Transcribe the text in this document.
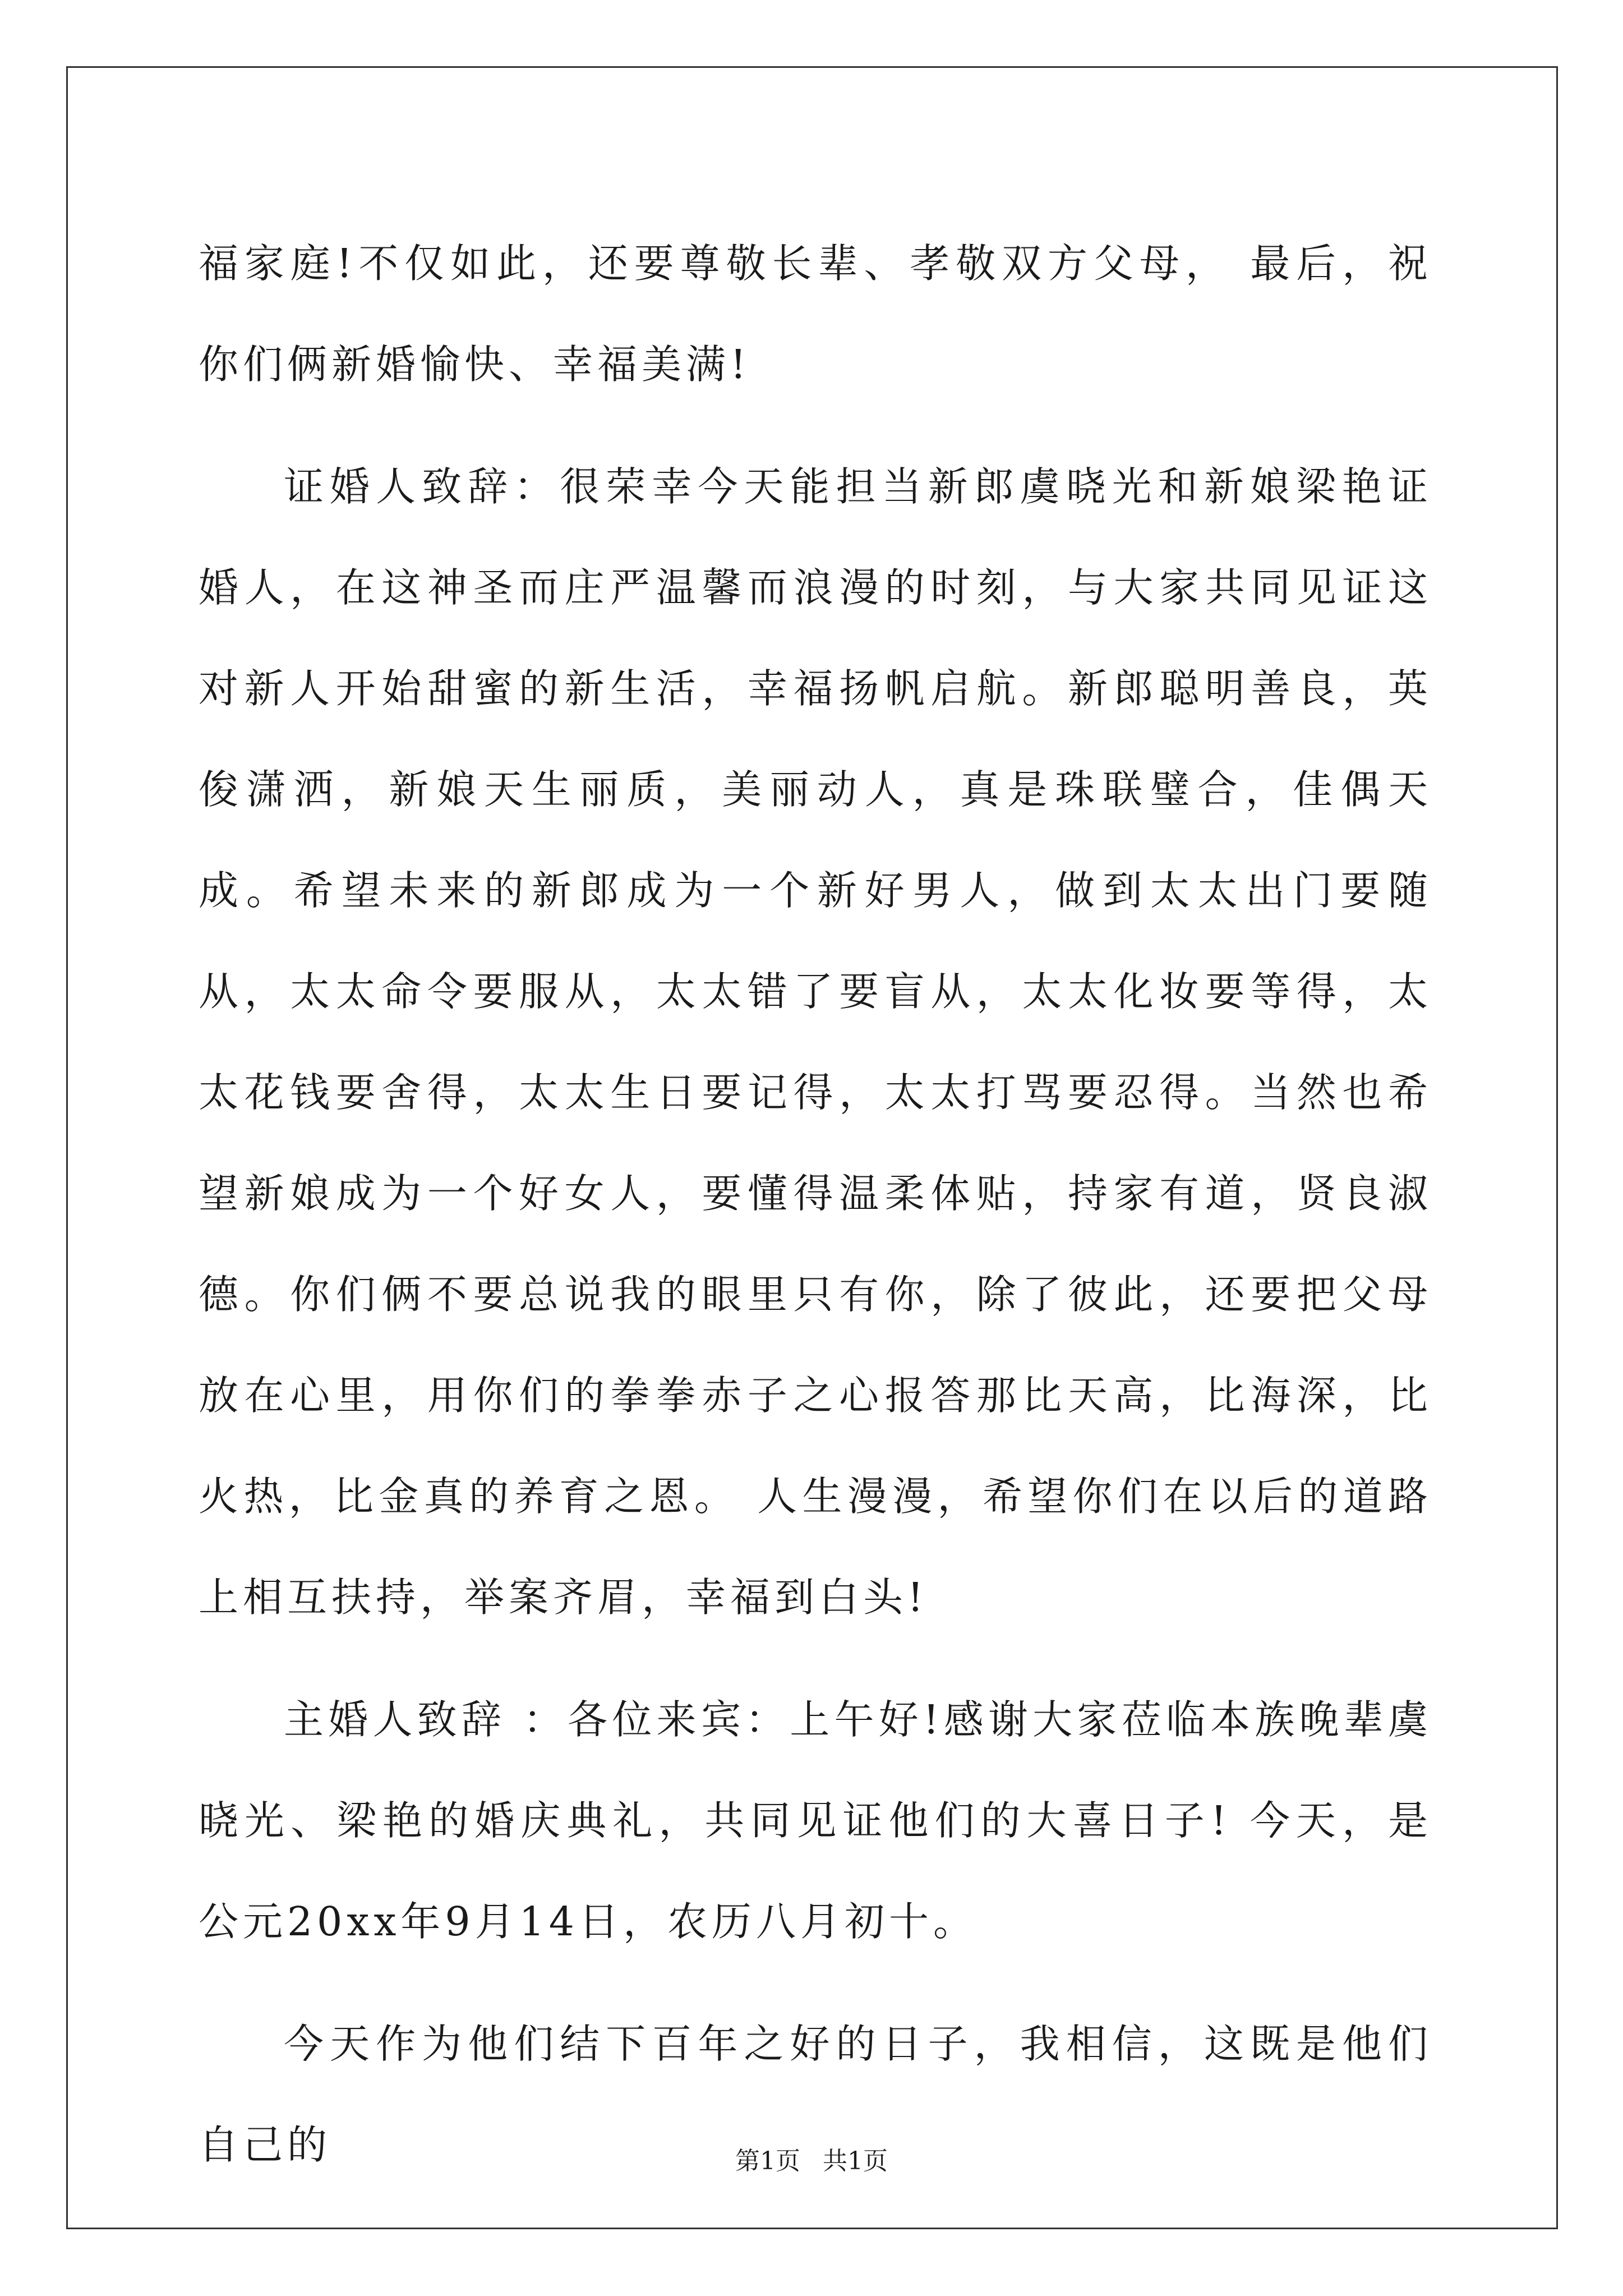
福家庭!不仅如此，还要尊敬长辈、孝敬双方父母， 最后，祝你们俩新婚愉快、幸福美满!

证婚人致辞：很荣幸今天能担当新郎虞晓光和新娘梁艳证婚人，在这神圣而庄严温馨而浪漫的时刻，与大家共同见证这对新人开始甜蜜的新生活，幸福扬帆启航。新郎聪明善良，英俊潇洒，新娘天生丽质，美丽动人，真是珠联璧合，佳偶天成。希望未来的新郎成为一个新好男人，做到太太出门要随从，太太命令要服从，太太错了要盲从，太太化妆要等得，太太花钱要舍得，太太生日要记得，太太打骂要忍得。当然也希望新娘成为一个好女人，要懂得温柔体贴，持家有道，贤良淑德。你们俩不要总说我的眼里只有你，除了彼此，还要把父母放在心里，用你们的拳拳赤子之心报答那比天高，比海深，比火热，比金真的养育之恩。 人生漫漫，希望你们在以后的道路上相互扶持，举案齐眉，幸福到白头!

主婚人致辞 ：各位来宾：上午好!感谢大家莅临本族晚辈虞晓光、梁艳的婚庆典礼，共同见证他们的大喜日子! 今天，是公元20xx年9月14日，农历八月初十。

今天作为他们结下百年之好的日子，我相信，这既是他们自己的	第1页 共1页
